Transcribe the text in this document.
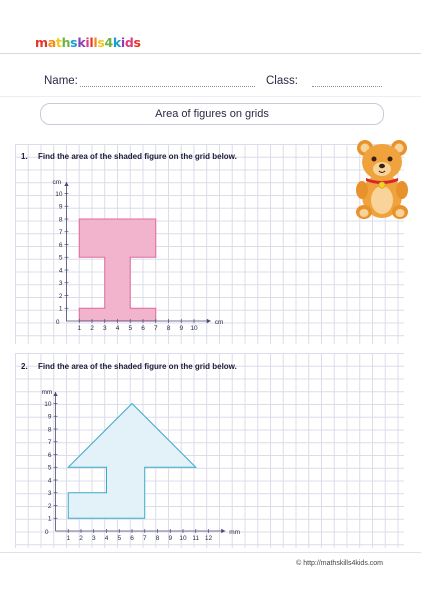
mathskills4kids
Name:	Class:
Area of figures on grids
1. Find the area of the shaded figure on the grid below.
1 2 3 4 5 6 7 8 9 10
1
2
3
4
5
6
7
8
9
10
0	cm
cm
2. Find the area of the shaded figure on the grid below.
1 2 3 4 5 6 7 8 9 10 11 12
1
2
3
4
5
6
7
8
9
10
0	mm
mm
© http://mathskills4kids.com
